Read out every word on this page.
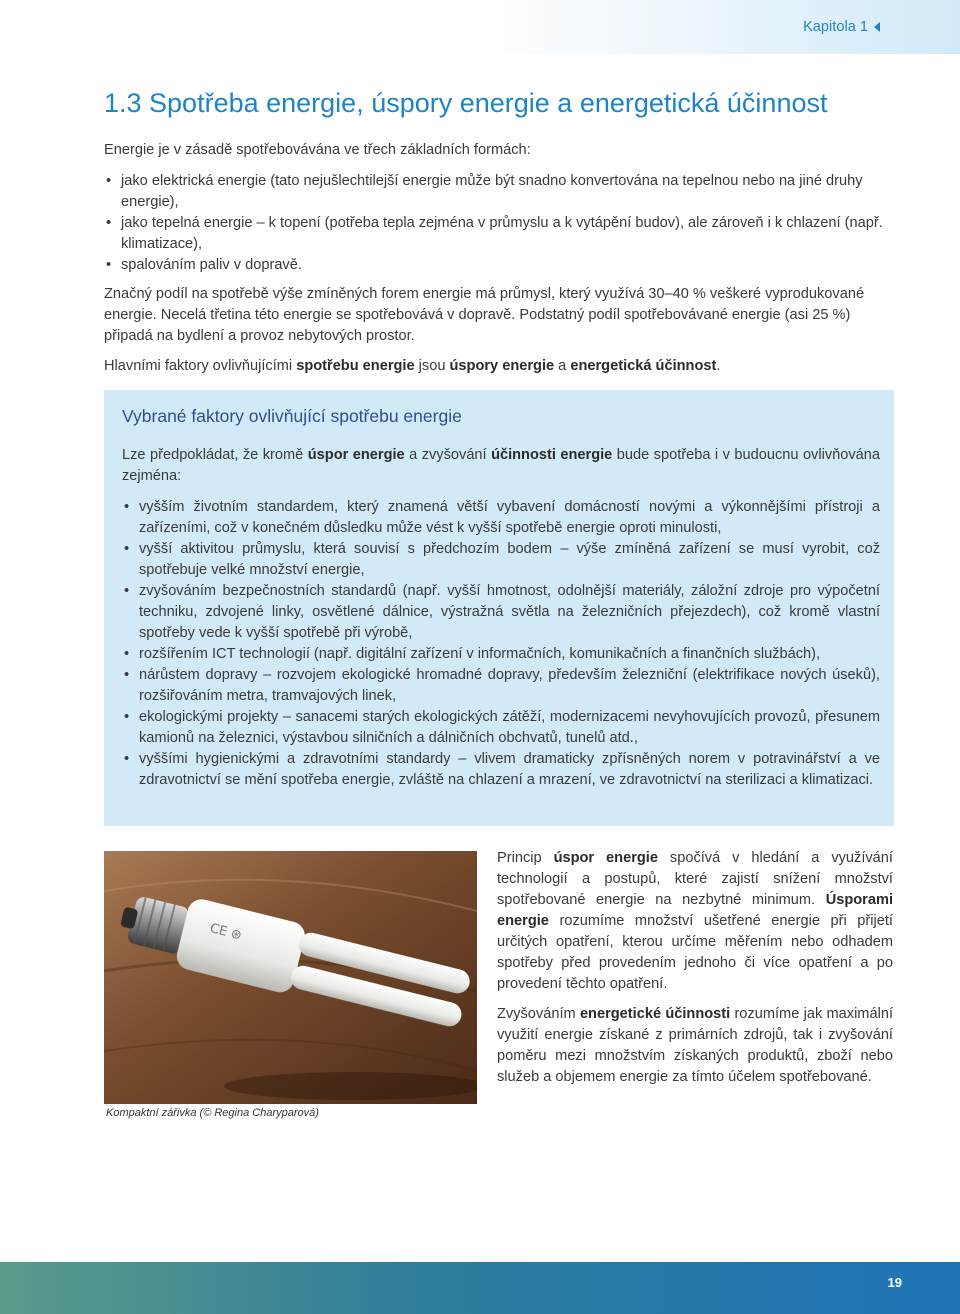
Kapitola 1
1.3 Spotřeba energie, úspory energie a energetická účinnost

Energie je v zásadě spotřebovávána ve třech základních formách:

• jako elektrická energie (tato nejušlechtilejší energie může být snadno konvertována na tepelnou nebo na jiné druhy energie),
• jako tepelná energie – k topení (potřeba tepla zejména v průmyslu a k vytápění budov), ale zároveň i k chlazení (např. klimatizace),
• spalováním paliv v dopravě.

Značný podíl na spotřebě výše zmíněných forem energie má průmysl, který využívá 30–40 % veškeré vyprodukované energie. Necelá třetina této energie se spotřebovává v dopravě. Podstatný podíl spotřebovávané energie (asi 25 %) připadá na bydlení a provoz nebytových prostor.

Hlavními faktory ovlivňujícími spotřebu energie jsou úspory energie a energetická účinnost.

Vybrané faktory ovlivňující spotřebu energie

Lze předpokládat, že kromě úspor energie a zvyšování účinnosti energie bude spotřeba i v budoucnu ovlivňována zejména:

• vyšším životním standardem, který znamená větší vybavení domácností novými a výkonnějšími přístroji a zařízeními, což v konečném důsledku může vést k vyšší spotřebě energie oproti minulosti,
• vyšší aktivitou průmyslu, která souvisí s předchozím bodem – výše zmíněná zařízení se musí vyrobit, což spotřebuje velké množství energie,
• zvyšováním bezpečnostních standardů (např. vyšší hmotnost, odolnější materiály, záložní zdroje pro výpočetní techniku, zdvojené linky, osvětlené dálnice, výstražná světla na železničních přejezdech), což kromě vlastní spotřeby vede k vyšší spotřebě při výrobě,
• rozšířením ICT technologií (např. digitální zařízení v informačních, komunikačních a finančních službách),
• nárůstem dopravy – rozvojem ekologické hromadné dopravy, především železniční (elektrifikace nových úseků), rozšiřováním metra, tramvajových linek,
• ekologickými projekty – sanacemi starých ekologických zátěží, modernizacemi nevyhovujících provozů, přesunem kamionů na železnici, výstavbou silničních a dálničních obchvatů, tunelů atd.,
• vyššími hygienickými a zdravotními standardy – vlivem dramaticky zpřísněných norem v potravinářství a ve zdravotnictví se mění spotřeba energie, zvláště na chlazení a mrazení, ve zdravotnictví na sterilizaci a klimatizaci.
CE ⊛
Kompaktní zářivka (© Regina Charyparová)

Princip úspor energie spočívá v hledání a využívání technologií a postupů, které zajistí snížení množství spotřebované energie na nezbytné minimum. Úsporami energie rozumíme množství ušetřené energie při přijetí určitých opatření, kterou určíme měřením nebo odhadem spotřeby před provedením jednoho či více opatření a po provedení těchto opatření.

Zvyšováním energetické účinnosti rozumíme jak maximální využití energie získané z primárních zdrojů, tak i zvyšování poměru mezi množstvím získaných produktů, zboží nebo služeb a objemem energie za tímto účelem spotřebované.

19
